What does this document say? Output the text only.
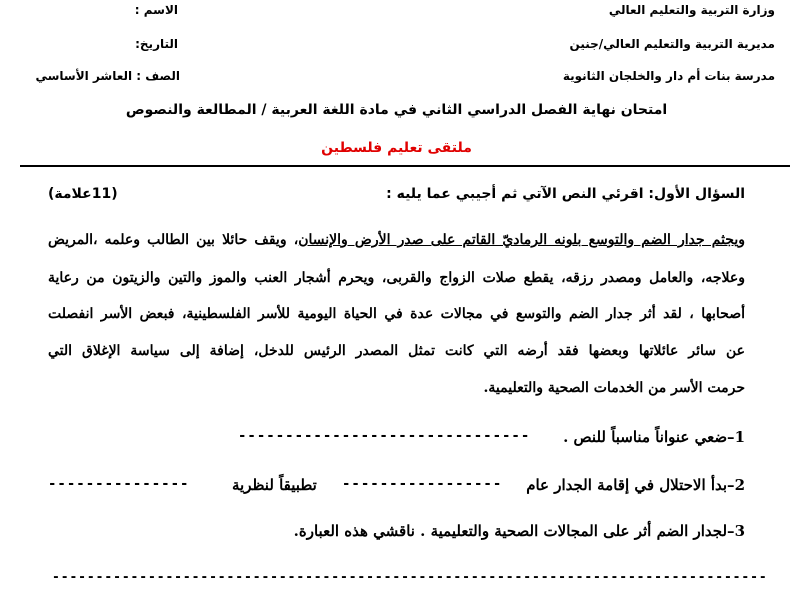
وزارة التربية والتعليم العالي
الاسم :
مديرية التربية والتعليم العالي/جنين
التاريخ:
مدرسة بنات أم دار والخلجان الثانوية
الصف : العاشر الأساسي
امتحان نهاية الفصل الدراسي الثاني في مادة اللغة العربية / المطالعة والنصوص
ملتقى تعليم فلسطين
السؤال الأول: اقرئي النص الآتي ثم أجيبي عما يليه :
(11علامة)
ويجثم جدار الضم والتوسع بلونه الرماديّ القاتم على صدر الأرض والإنسان، ويقف حائلا بين الطالب وعلمه ،المريض
وعلاجه، والعامل ومصدر رزقه، يقطع صلات الزواج والقربى، ويحرم أشجار العنب والموز والتين والزيتون من رعاية
أصحابها ، لقد أثر جدار الضم والتوسع في مجالات عدة في الحياة اليومية للأسر الفلسطينية، فبعض الأسر انفصلت
عن سائر عائلاتها وبعضها فقد أرضه التي كانت تمثل المصدر الرئيس للدخل، إضافة إلى سياسة الإغلاق التي
حرمت الأسر من الخدمات الصحية والتعليمية.
1–ضعي عنواناً مناسباً للنص .
-------------------------------
2–بدأ الاحتلال في إقامة الجدار عام
-----------------
تطبيقاً لنظرية
---------------
3–لجدار الضم أثر على المجالات الصحية والتعليمية . ناقشي هذه العبارة.
----------------------------------------------------------------------------------
